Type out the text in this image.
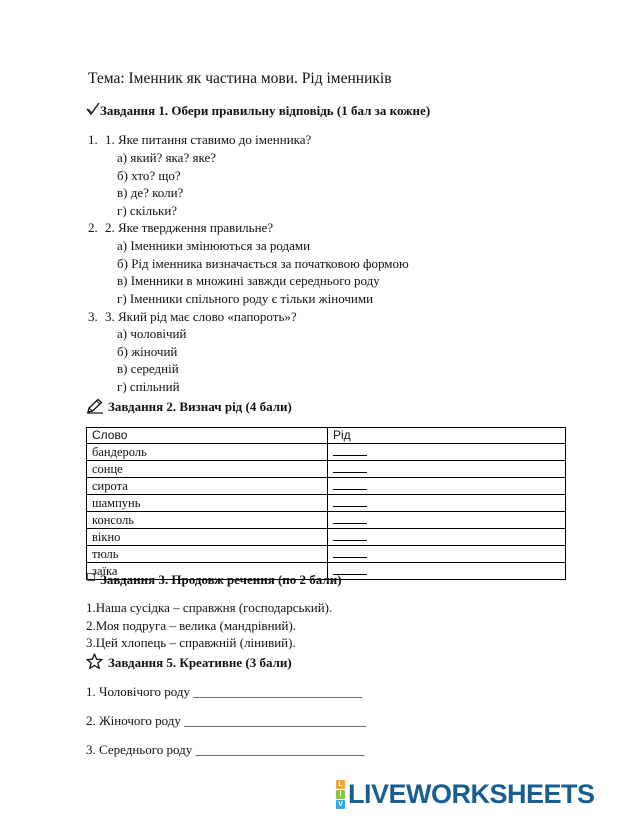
Тема: Іменник як частина мови. Рід іменників
Завдання 1. Обери правильну відповідь (1 бал за кожне)
1. 1. Яке питання ставимо до іменника?
а) який? яка? яке?
б) хто? що?
в) де? коли?
г) скільки?
2. 2. Яке твердження правильне?
а) Іменники змінюються за родами
б) Рід іменника визначається за початковою формою
в) Іменники в множині завжди середнього роду
г) Іменники спільного роду є тільки жіночими
3. 3. Який рід має слово «папороть»?
а) чоловічий
б) жіночий
в) середній
г) спільний
Завдання 2. Визнач рід (4 бали)
Слово	Рід
бандероль	
сонце	
сирота	
шампунь	
консоль	
вікно	
тюль	
заїка	
Завдання 3. Продовж речення (по 2 бали)
1.Наша сусідка – справжня (господарський).
2.Моя подруга – велика (мандрівний).
3.Цей хлопець – справжній (лінивий).
Завдання 5. Креативне (3 бали)
1. Чоловічого роду __________________________
2. Жіночого роду ____________________________
3. Середнього роду __________________________
L
I
V LIVEWORKSHEETS
